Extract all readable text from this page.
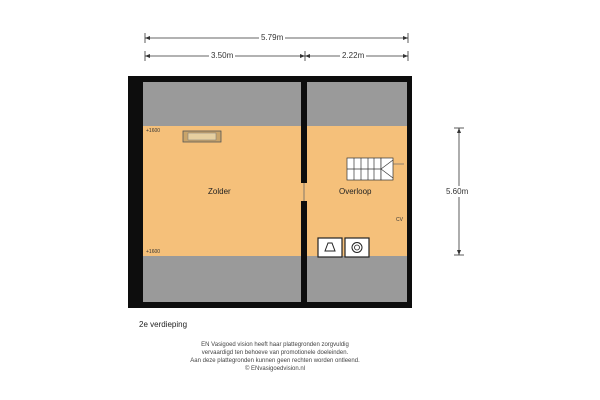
5.79m
3.50m	2.22m
5.60m
Zolder	Overloop
+1600
+1600
CV
2e verdieping
EN Vasigoed vision heeft haar plattegronden zorgvuldig
vervaardigd ten behoeve van promotionele doeleinden.
Aan deze plattegronden kunnen geen rechten worden ontleend.
© ENvasigoedvision.nl
